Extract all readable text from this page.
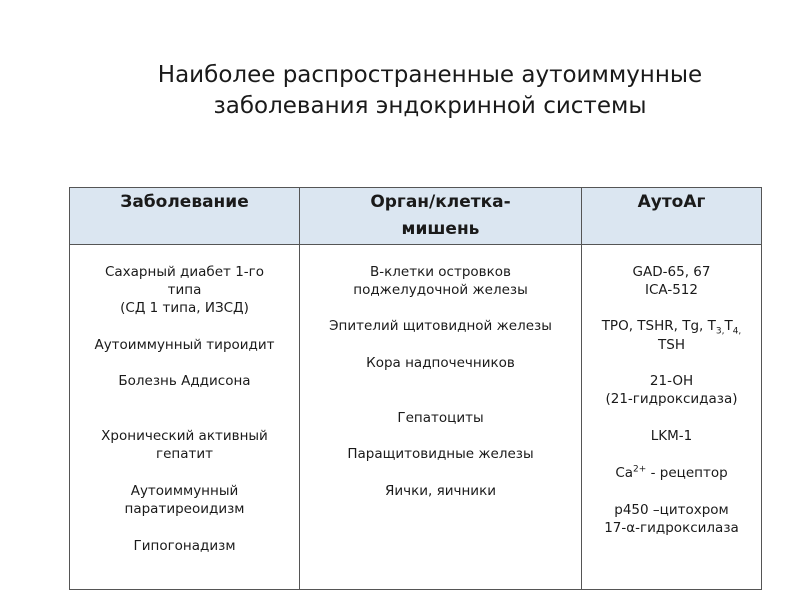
Наиболее распространенные аутоиммунные
заболевания эндокринной системы
Заболевание	Орган/клетка-
мишень
АутоАг

Сахарный диабет 1-го

типа

(СД 1 типа, ИЗСД)

Аутоиммунный тироидит

Болезнь Аддисона

Хронический активный

гепатит

Аутоиммунный

паратиреоидизм

Гипогонадизм

В-клетки островков

поджелудочной железы

Эпителий щитовидной железы

Кора надпочечников

Гепатоциты

Паращитовидные железы

Яички, яичники

GAD-65, 67

ICA-512

TPO, TSHR, Tg, $T_{3,}T_{4,}$

TSH

21-OH

(21-гидроксидаза)

LKM-1

$Ca^{2+}$ - рецептор

р450 –цитохром

17-α-гидроксилаза
